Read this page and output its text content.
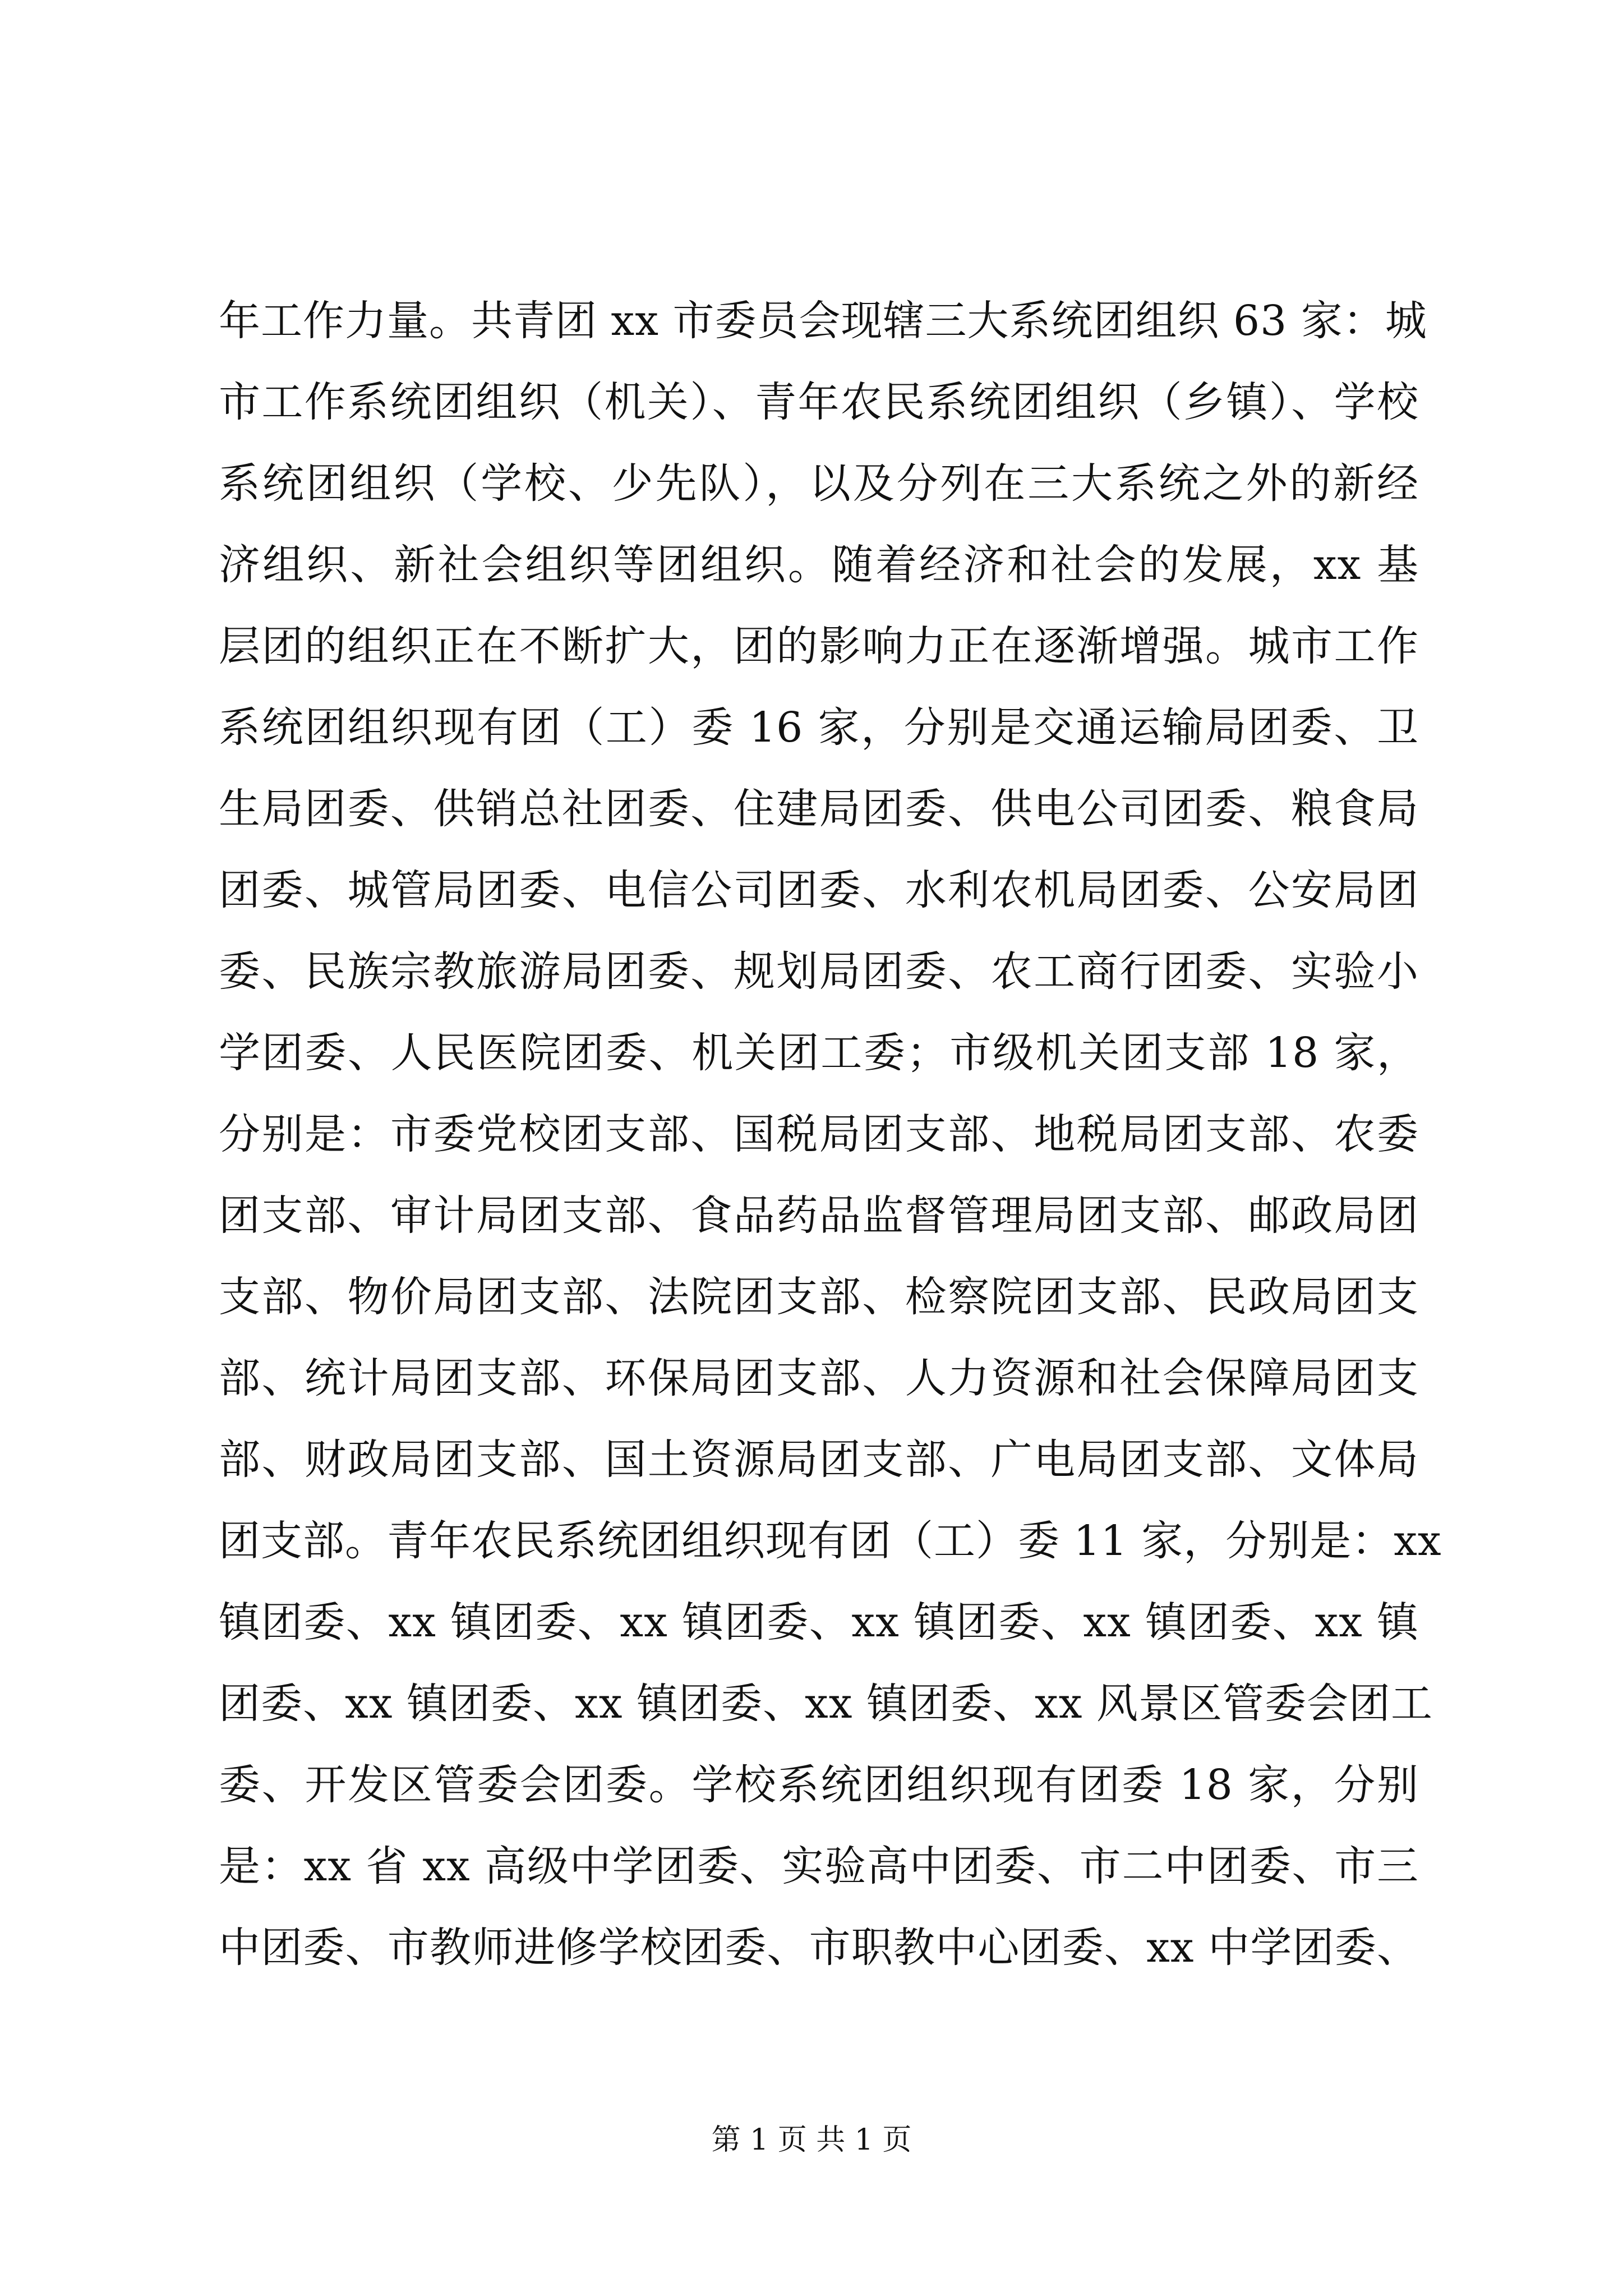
年工作力量。共青团 xx 市委员会现辖三大系统团组织 63 家：城
市工作系统团组织（机关）、青年农民系统团组织（乡镇）、学校
系统团组织（学校、少先队），以及分列在三大系统之外的新经
济组织、新社会组织等团组织。随着经济和社会的发展，xx 基
层团的组织正在不断扩大，团的影响力正在逐渐增强。城市工作
系统团组织现有团（工）委 16 家，分别是交通运输局团委、卫
生局团委、供销总社团委、住建局团委、供电公司团委、粮食局
团委、城管局团委、电信公司团委、水利农机局团委、公安局团
委、民族宗教旅游局团委、规划局团委、农工商行团委、实验小
学团委、人民医院团委、机关团工委；市级机关团支部 18 家，
分别是：市委党校团支部、国税局团支部、地税局团支部、农委
团支部、审计局团支部、食品药品监督管理局团支部、邮政局团
支部、物价局团支部、法院团支部、检察院团支部、民政局团支
部、统计局团支部、环保局团支部、人力资源和社会保障局团支
部、财政局团支部、国土资源局团支部、广电局团支部、文体局
团支部。青年农民系统团组织现有团（工）委 11 家，分别是：xx
镇团委、xx 镇团委、xx 镇团委、xx 镇团委、xx 镇团委、xx 镇
团委、xx 镇团委、xx 镇团委、xx 镇团委、xx 风景区管委会团工
委、开发区管委会团委。学校系统团组织现有团委 18 家，分别
是：xx 省 xx 高级中学团委、实验高中团委、市二中团委、市三
中团委、市教师进修学校团委、市职教中心团委、xx 中学团委、
第 1 页 共 1 页
